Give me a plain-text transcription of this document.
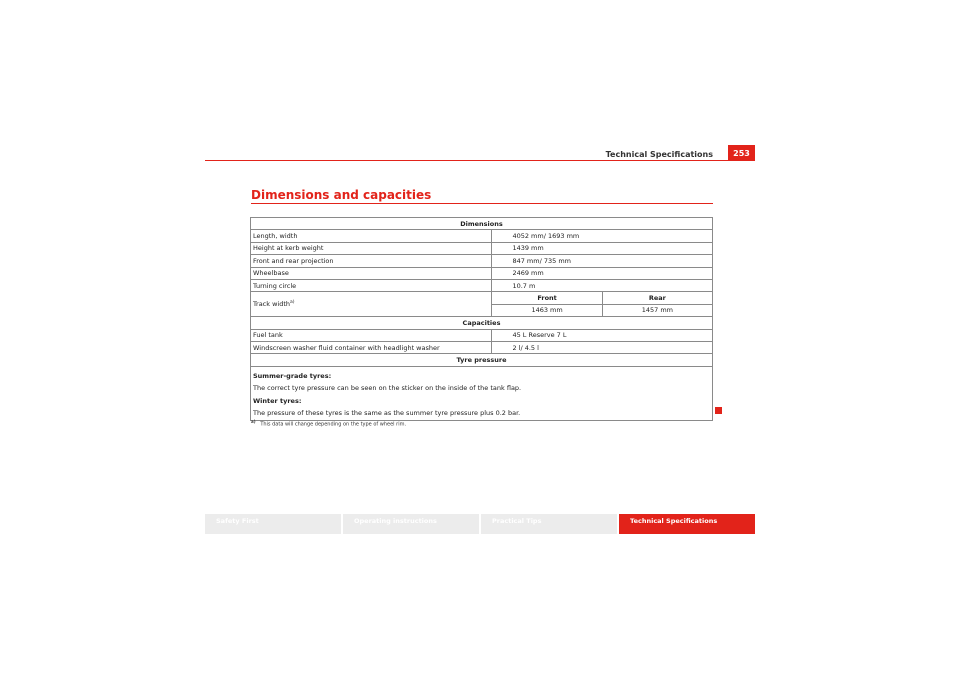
Technical Specifications	253
Dimensions and capacities
Dimensions
Length, width	4052 mm/ 1693 mm
Height at kerb weight	1439 mm
Front and rear projection	847 mm/ 735 mm
Wheelbase	2469 mm
Turning circle	10.7 m
Track width$^{a)}$	
Front	Rear
1463 mm	1457 mm

Capacities
Fuel tank	45 L Reserve 7 L
Windscreen washer fluid container with headlight washer	2 l/ 4.5 l
Tyre pressure

Summer-grade tyres:
The correct tyre pressure can be seen on the sticker on the inside of the tank flap.
Winter tyres:
The pressure of these tyres is the same as the summer tyre pressure plus 0.2 bar.
$^{a)}$   This data will change depending on the type of wheel rim.
Safety First	Operating instructions	Practical Tips	Technical Specifications
